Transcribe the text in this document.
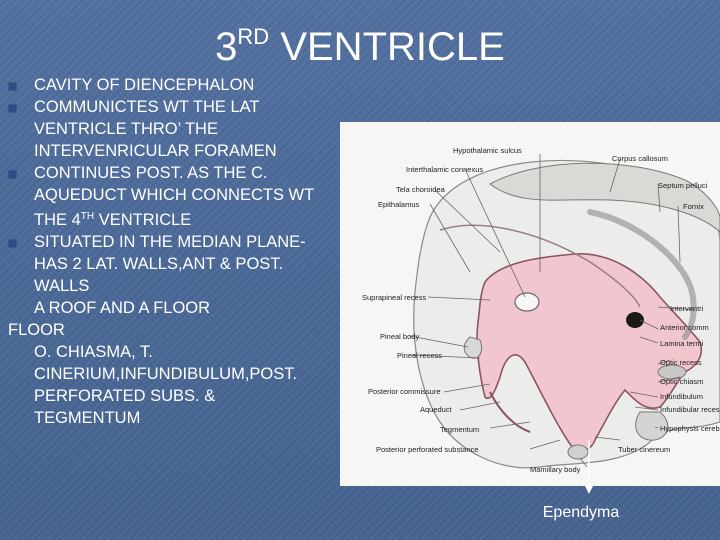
3RD VENTRICLE
CAVITY OF DIENCEPHALON
COMMUNICTES WT THE LAT
VENTRICLE THRO’ THE
INTERVENRICULAR FORAMEN
CONTINUES POST. AS THE C.
AQUEDUCT WHICH CONNECTS WT
THE 4TH VENTRICLE
SITUATED IN THE MEDIAN PLANE-
HAS 2 LAT. WALLS,ANT & POST.
WALLS
A ROOF AND A FLOOR
FLOOR
O. CHIASMA, T.
CINERIUM,INFUNDIBULUM,POST.
PERFORATED SUBS. &
TEGMENTUM
Hypothalamic sulcus
Interthalamic connexus
Corpus callosum
Tela choroidea	Septum pelluci
Epithalamus	Fornix
Suprapineal recess
Interventri
Pineal body
Anterior comm
Pineal recess
Lamina termi
Optic recess
Posterior commissure
Optic chiasm
Infundibulum
Aqueduct	Infundibular reces
Tegmentum	Hypophysis cereb
Posterior perforated substance	Tuber cinereum
Mamillary body
Ependyma
